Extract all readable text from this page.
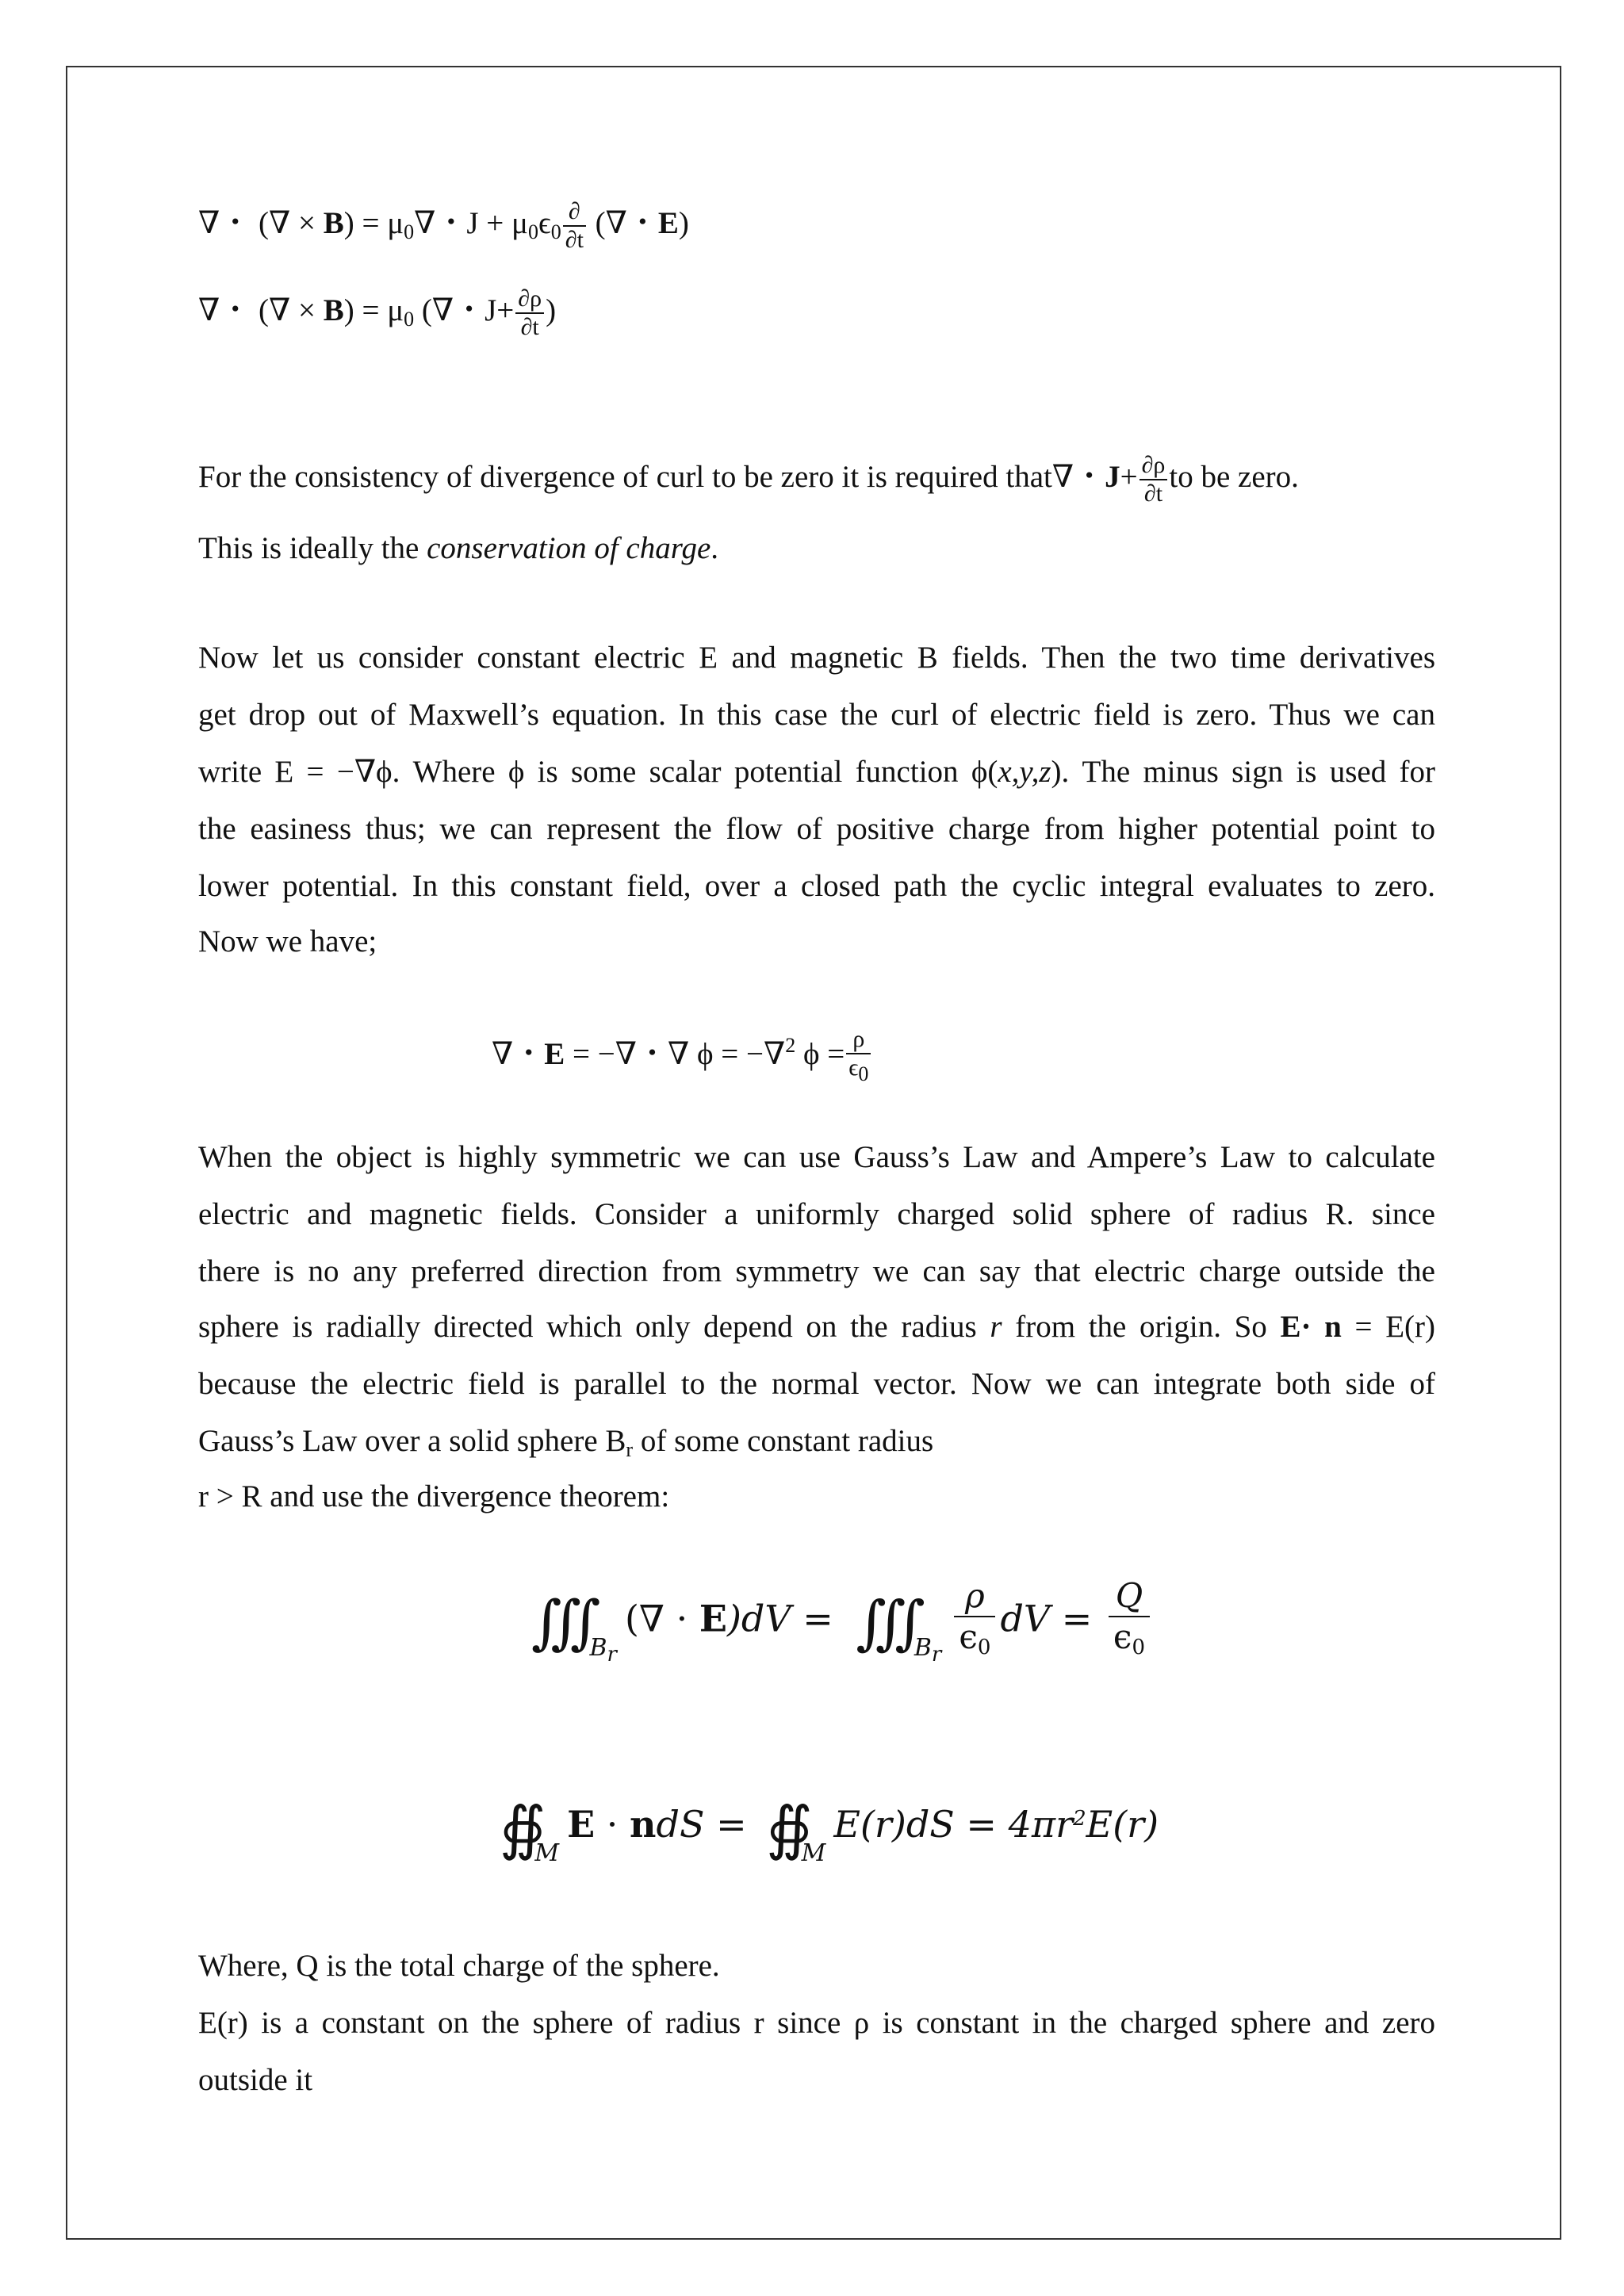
∇・ (∇ × $B) = \mu_0\nabla$・$J + \mu_0\epsilon_0 \frac{\partial}{\partial t}$ (∇・E)
∇・ (∇ × $B) = \mu_0$ (∇・$J+ \frac{\partial\rho}{\partial t}$ )
For the consistency of divergence of curl to be zero it is required that∇・$J+ \frac{\partial\rho}{\partial t}$ to be zero.
This is ideally the conservation of charge.
Now let us consider constant electric E and magnetic B fields. Then the two time derivatives
get drop out of Maxwell’s equation. In this case the curl of electric field is zero. Thus we can
write E = −∇ϕ. Where ϕ is some scalar potential function ϕ(x,y,z). The minus sign is used for
the easiness thus; we can represent the flow of positive charge from higher potential point to
lower potential. In this constant field, over a closed path the cyclic integral evaluates to zero.
Now we have;
∇・E = −∇・∇ ϕ = −∇$^2$ $\phi = \frac{\rho}{\epsilon 0}$
When the object is highly symmetric we can use Gauss’s Law and Ampere’s Law to calculate
electric and magnetic fields. Consider a uniformly charged solid sphere of radius R. since
there is no any preferred direction from symmetry we can say that electric charge outside the
sphere is radially directed which only depend on the radius r from the origin. So E· n = E(r)
because the electric field is parallel to the normal vector. Now we can integrate both side of
Gauss’s Law over a solid sphere $B_r$ of some constant radius
r > R and use the divergence theorem:
$∭_{Br}(\nabla \cdot E)dV$ = $∭_{Br} \frac{\rho}{\epsilon_0}$ dV = $\frac{Q}{\epsilon_0}$
$∯_ME$ · ndS = $∯_ME(r)dS = 4\pi r^2E(r)$
Where, Q is the total charge of the sphere.
E(r) is a constant on the sphere of radius r since ρ is constant in the charged sphere and zero
outside it
